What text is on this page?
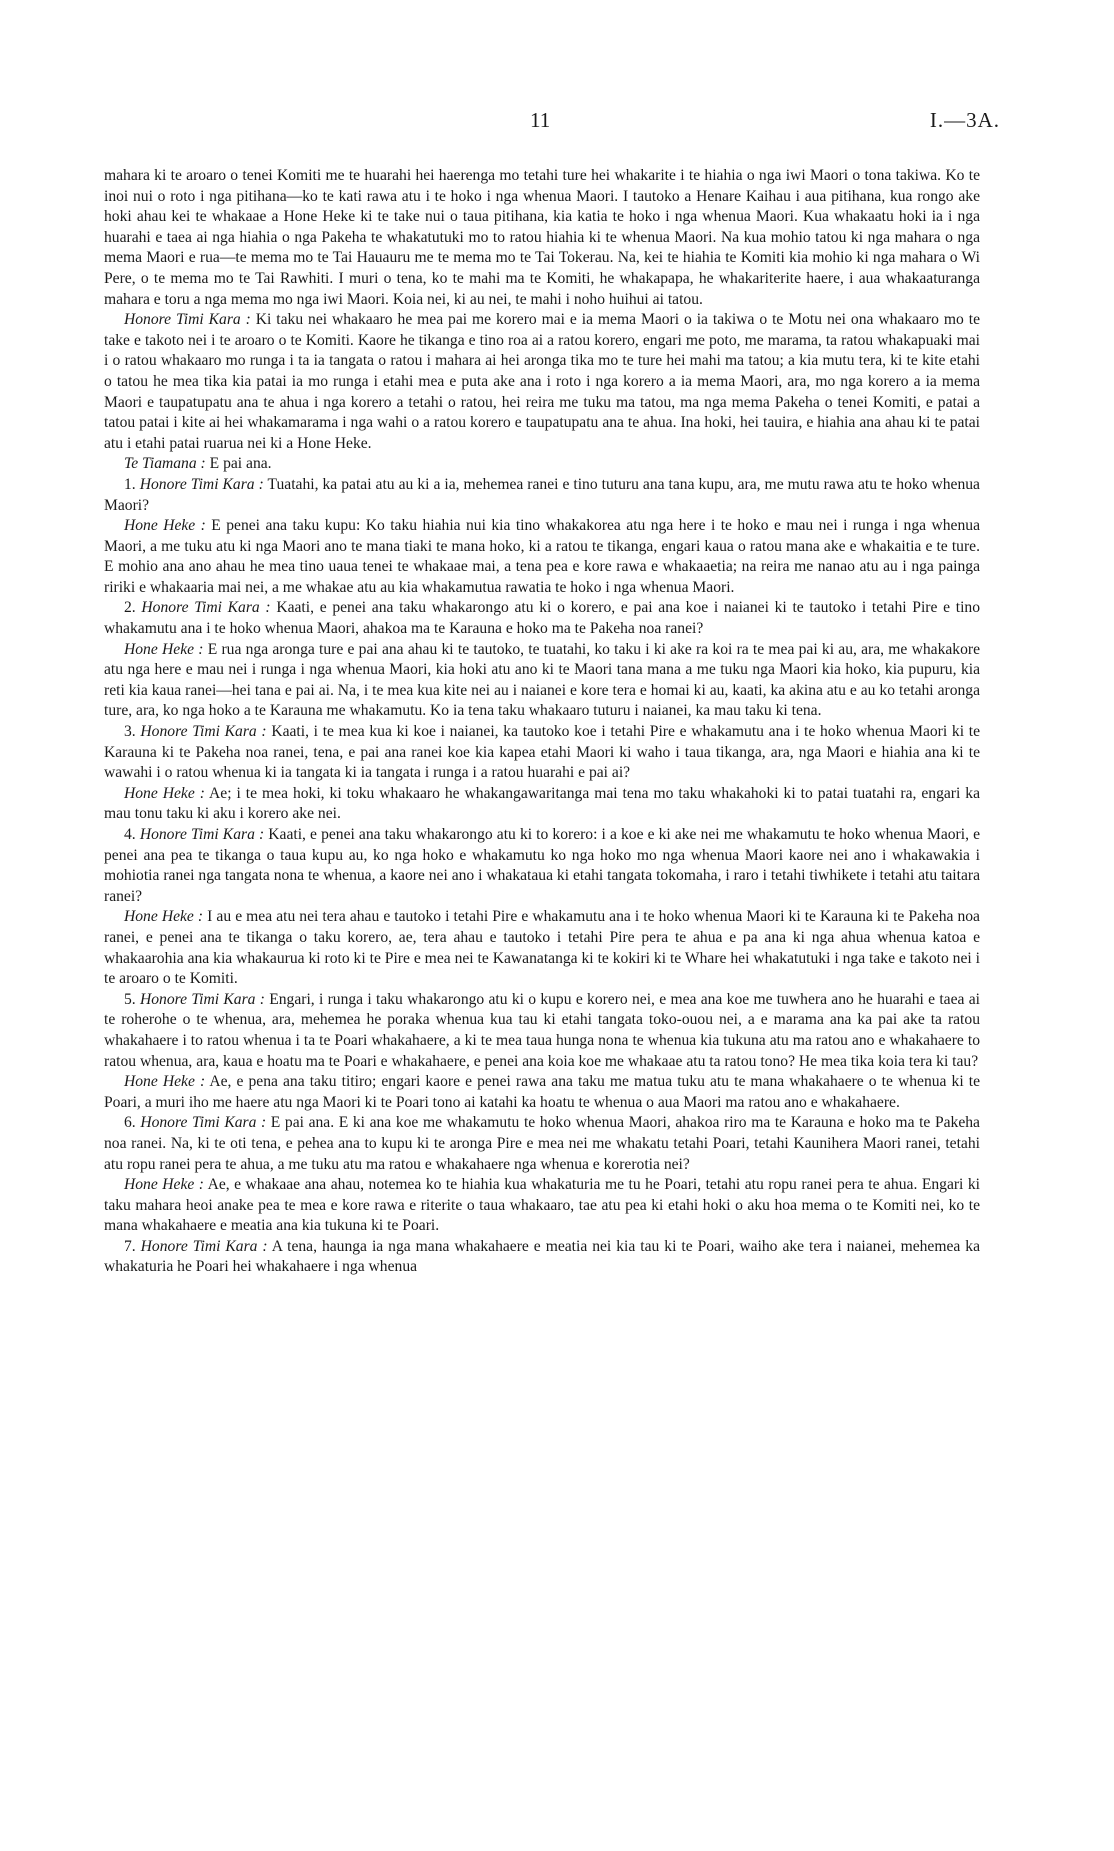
11	I.—3A.

mahara ki te aroaro o tenei Komiti me te huarahi hei haerenga mo tetahi ture hei whakarite i te hiahia o nga iwi Maori o tona takiwa. Ko te inoi nui o roto i nga pitihana—ko te kati rawa atu i te hoko i nga whenua Maori. I tautoko a Henare Kaihau i aua pitihana, kua rongo ake hoki ahau kei te whakaae a Hone Heke ki te take nui o taua pitihana, kia katia te hoko i nga whenua Maori. Kua whakaatu hoki ia i nga huarahi e taea ai nga hiahia o nga Pakeha te whakatutuki mo to ratou hiahia ki te whenua Maori. Na kua mohio tatou ki nga mahara o nga mema Maori e rua—te mema mo te Tai Hauauru me te mema mo te Tai Tokerau. Na, kei te hiahia te Komiti kia mohio ki nga mahara o Wi Pere, o te mema mo te Tai Rawhiti. I muri o tena, ko te mahi ma te Komiti, he whakapapa, he whakariterite haere, i aua whakaaturanga mahara e toru a nga mema mo nga iwi Maori. Koia nei, ki au nei, te mahi i noho huihui ai tatou.

Honore Timi Kara : Ki taku nei whakaaro he mea pai me korero mai e ia mema Maori o ia takiwa o te Motu nei ona whakaaro mo te take e takoto nei i te aroaro o te Komiti. Kaore he tikanga e tino roa ai a ratou korero, engari me poto, me marama, ta ratou whakapuaki mai i o ratou whakaaro mo runga i ta ia tangata o ratou i mahara ai hei aronga tika mo te ture hei mahi ma tatou; a kia mutu tera, ki te kite etahi o tatou he mea tika kia patai ia mo runga i etahi mea e puta ake ana i roto i nga korero a ia mema Maori, ara, mo nga korero a ia mema Maori e taupatupatu ana te ahua i nga korero a tetahi o ratou, hei reira me tuku ma tatou, ma nga mema Pakeha o tenei Komiti, e patai a tatou patai i kite ai hei whakamarama i nga wahi o a ratou korero e taupatupatu ana te ahua. Ina hoki, hei tauira, e hiahia ana ahau ki te patai atu i etahi patai ruarua nei ki a Hone Heke.

Te Tiamana : E pai ana.

1. Honore Timi Kara : Tuatahi, ka patai atu au ki a ia, mehemea ranei e tino tuturu ana tana kupu, ara, me mutu rawa atu te hoko whenua Maori?

Hone Heke : E penei ana taku kupu: Ko taku hiahia nui kia tino whakakorea atu nga here i te hoko e mau nei i runga i nga whenua Maori, a me tuku atu ki nga Maori ano te mana tiaki te mana hoko, ki a ratou te tikanga, engari kaua o ratou mana ake e whakaitia e te ture. E mohio ana ano ahau he mea tino uaua tenei te whakaae mai, a tena pea e kore rawa e whakaaetia; na reira me nanao atu au i nga painga ririki e whakaaria mai nei, a me whakae atu au kia whakamutua rawatia te hoko i nga whenua Maori.

2. Honore Timi Kara : Kaati, e penei ana taku whakarongo atu ki o korero, e pai ana koe i naianei ki te tautoko i tetahi Pire e tino whakamutu ana i te hoko whenua Maori, ahakoa ma te Karauna e hoko ma te Pakeha noa ranei?

Hone Heke : E rua nga aronga ture e pai ana ahau ki te tautoko, te tuatahi, ko taku i ki ake ra koi ra te mea pai ki au, ara, me whakakore atu nga here e mau nei i runga i nga whenua Maori, kia hoki atu ano ki te Maori tana mana a me tuku nga Maori kia hoko, kia pupuru, kia reti kia kaua ranei—hei tana e pai ai. Na, i te mea kua kite nei au i naianei e kore tera e homai ki au, kaati, ka akina atu e au ko tetahi aronga ture, ara, ko nga hoko a te Karauna me whakamutu. Ko ia tena taku whakaaro tuturu i naianei, ka mau taku ki tena.

3. Honore Timi Kara : Kaati, i te mea kua ki koe i naianei, ka tautoko koe i tetahi Pire e whakamutu ana i te hoko whenua Maori ki te Karauna ki te Pakeha noa ranei, tena, e pai ana ranei koe kia kapea etahi Maori ki waho i taua tikanga, ara, nga Maori e hiahia ana ki te wawahi i o ratou whenua ki ia tangata ki ia tangata i runga i a ratou huarahi e pai ai?

Hone Heke : Ae; i te mea hoki, ki toku whakaaro he whakangawaritanga mai tena mo taku whakahoki ki to patai tuatahi ra, engari ka mau tonu taku ki aku i korero ake nei.

4. Honore Timi Kara : Kaati, e penei ana taku whakarongo atu ki to korero: i a koe e ki ake nei me whakamutu te hoko whenua Maori, e penei ana pea te tikanga o taua kupu au, ko nga hoko e whakamutu ko nga hoko mo nga whenua Maori kaore nei ano i whakawakia i mohiotia ranei nga tangata nona te whenua, a kaore nei ano i whakataua ki etahi tangata tokomaha, i raro i tetahi tiwhikete i tetahi atu taitara ranei?

Hone Heke : I au e mea atu nei tera ahau e tautoko i tetahi Pire e whakamutu ana i te hoko whenua Maori ki te Karauna ki te Pakeha noa ranei, e penei ana te tikanga o taku korero, ae, tera ahau e tautoko i tetahi Pire pera te ahua e pa ana ki nga ahua whenua katoa e whakaarohia ana kia whakaurua ki roto ki te Pire e mea nei te Kawanatanga ki te kokiri ki te Whare hei whakatutuki i nga take e takoto nei i te aroaro o te Komiti.

5. Honore Timi Kara : Engari, i runga i taku whakarongo atu ki o kupu e korero nei, e mea ana koe me tuwhera ano he huarahi e taea ai te roherohe o te whenua, ara, mehemea he poraka whenua kua tau ki etahi tangata toko-ouou nei, a e marama ana ka pai ake ta ratou whakahaere i to ratou whenua i ta te Poari whakahaere, a ki te mea taua hunga nona te whenua kia tukuna atu ma ratou ano e whakahaere to ratou whenua, ara, kaua e hoatu ma te Poari e whakahaere, e penei ana koia koe me whakaae atu ta ratou tono? He mea tika koia tera ki tau?

Hone Heke : Ae, e pena ana taku titiro; engari kaore e penei rawa ana taku me matua tuku atu te mana whakahaere o te whenua ki te Poari, a muri iho me haere atu nga Maori ki te Poari tono ai katahi ka hoatu te whenua o aua Maori ma ratou ano e whakahaere.

6. Honore Timi Kara : E pai ana. E ki ana koe me whakamutu te hoko whenua Maori, ahakoa riro ma te Karauna e hoko ma te Pakeha noa ranei. Na, ki te oti tena, e pehea ana to kupu ki te aronga Pire e mea nei me whakatu tetahi Poari, tetahi Kaunihera Maori ranei, tetahi atu ropu ranei pera te ahua, a me tuku atu ma ratou e whakahaere nga whenua e korerotia nei?

Hone Heke : Ae, e whakaae ana ahau, notemea ko te hiahia kua whakaturia me tu he Poari, tetahi atu ropu ranei pera te ahua. Engari ki taku mahara heoi anake pea te mea e kore rawa e riterite o taua whakaaro, tae atu pea ki etahi hoki o aku hoa mema o te Komiti nei, ko te mana whakahaere e meatia ana kia tukuna ki te Poari.

7. Honore Timi Kara : A tena, haunga ia nga mana whakahaere e meatia nei kia tau ki te Poari, waiho ake tera i naianei, mehemea ka whakaturia he Poari hei whakahaere i nga whenua
